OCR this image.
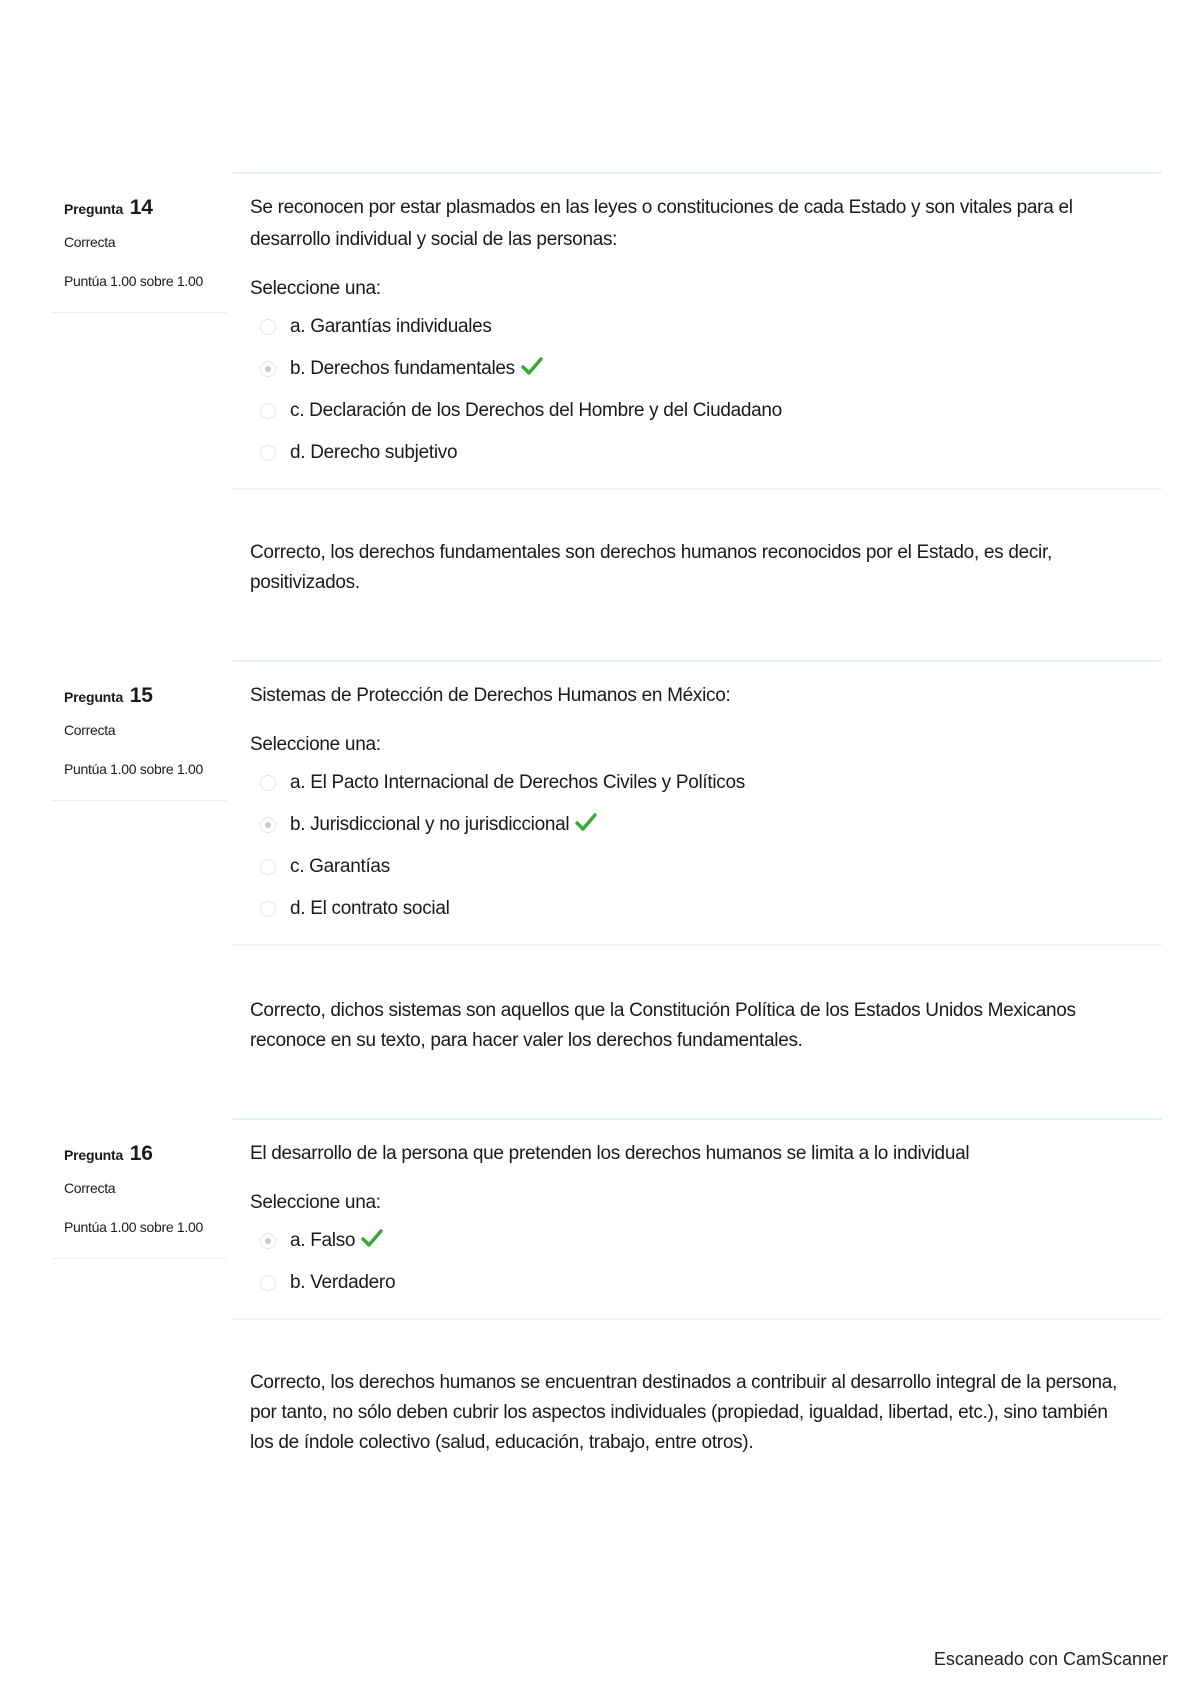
Pregunta 14
Correcta
Puntúa 1.00 sobre 1.00
Se reconocen por estar plasmados en las leyes o constituciones de cada Estado y son vitales para el desarrollo individual y social de las personas:
Seleccione una:
a. Garantías individuales
b. Derechos fundamentales
c. Declaración de los Derechos del Hombre y del Ciudadano
d. Derecho subjetivo
Correcto, los derechos fundamentales son derechos humanos reconocidos por el Estado, es decir, positivizados.
Pregunta 15
Correcta
Puntúa 1.00 sobre 1.00
Sistemas de Protección de Derechos Humanos en México:
Seleccione una:
a. El Pacto Internacional de Derechos Civiles y Políticos
b. Jurisdiccional y no jurisdiccional
c. Garantías
d. El contrato social
Correcto, dichos sistemas son aquellos que la Constitución Política de los Estados Unidos Mexicanos reconoce en su texto, para hacer valer los derechos fundamentales.
Pregunta 16
Correcta
Puntúa 1.00 sobre 1.00
El desarrollo de la persona que pretenden los derechos humanos se limita a lo individual
Seleccione una:
a. Falso
b. Verdadero
Correcto, los derechos humanos se encuentran destinados a contribuir al desarrollo integral de la persona, por tanto, no sólo deben cubrir los aspectos individuales (propiedad, igualdad, libertad, etc.), sino también los de índole colectivo (salud, educación, trabajo, entre otros).
Escaneado con CamScanner
